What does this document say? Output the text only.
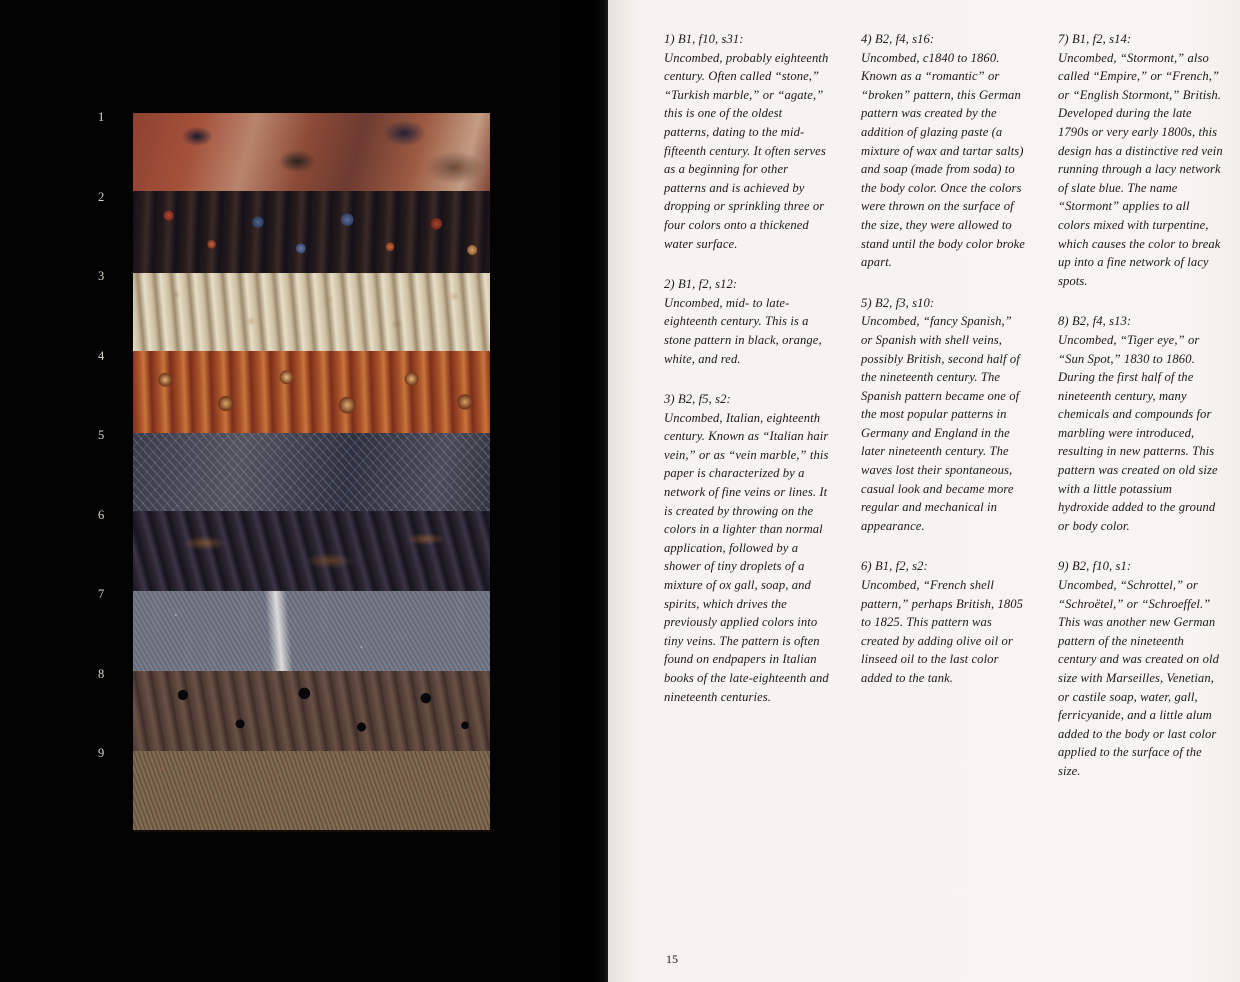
1
2
3
4
5
6
7
8
9

1) B1, f10, s31:

Uncombed, probably eighteenth century. Often called “stone,” “Turkish marble,” or “agate,” this is one of the oldest patterns, dating to the mid-fifteenth century. It often serves as a beginning for other patterns and is achieved by dropping or sprinkling three or four colors onto a thickened water surface.

2) B1, f2, s12:

Uncombed, mid- to late-eighteenth century. This is a stone pattern in black, orange, white, and red.

3) B2, f5, s2:

Uncombed, Italian, eighteenth century. Known as “Italian hair vein,” or as “vein marble,” this paper is characterized by a network of fine veins or lines. It is created by throwing on the colors in a lighter than normal application, followed by a shower of tiny droplets of a mixture of ox gall, soap, and spirits, which drives the previously applied colors into tiny veins. The pattern is often found on endpapers in Italian books of the late-eighteenth and nineteenth centuries.

4) B2, f4, s16:

Uncombed, c1840 to 1860. Known as a “romantic” or “broken” pattern, this German pattern was created by the addition of glazing paste (a mixture of wax and tartar salts) and soap (made from soda) to the body color. Once the colors were thrown on the surface of the size, they were allowed to stand until the body color broke apart.

5) B2, f3, s10:

Uncombed, “fancy Spanish,” or Spanish with shell veins, possibly British, second half of the nineteenth century. The Spanish pattern became one of the most popular patterns in Germany and England in the later nineteenth century. The waves lost their spontaneous, casual look and became more regular and mechanical in appearance.

6) B1, f2, s2:

Uncombed, “French shell pattern,” perhaps British, 1805 to 1825. This pattern was created by adding olive oil or linseed oil to the last color added to the tank.

7) B1, f2, s14:

Uncombed, “Stormont,” also called “Empire,” or “French,” or “English Stormont,” British. Developed during the late 1790s or very early 1800s, this design has a distinctive red vein running through a lacy network of slate blue. The name “Stormont” applies to all colors mixed with turpentine, which causes the color to break up into a fine network of lacy spots.

8) B2, f4, s13:

Uncombed, “Tiger eye,” or “Sun Spot,” 1830 to 1860. During the first half of the nineteenth century, many chemicals and compounds for marbling were introduced, resulting in new patterns. This pattern was created on old size with a little potassium hydroxide added to the ground or body color.

9) B2, f10, s1:

Uncombed, “Schrottel,” or “Schroëtel,” or “Schroeffel.” This was another new German pattern of the nineteenth century and was created on old size with Marseilles, Venetian, or castile soap, water, gall, ferricyanide, and a little alum added to the body or last color applied to the surface of the size.

15
